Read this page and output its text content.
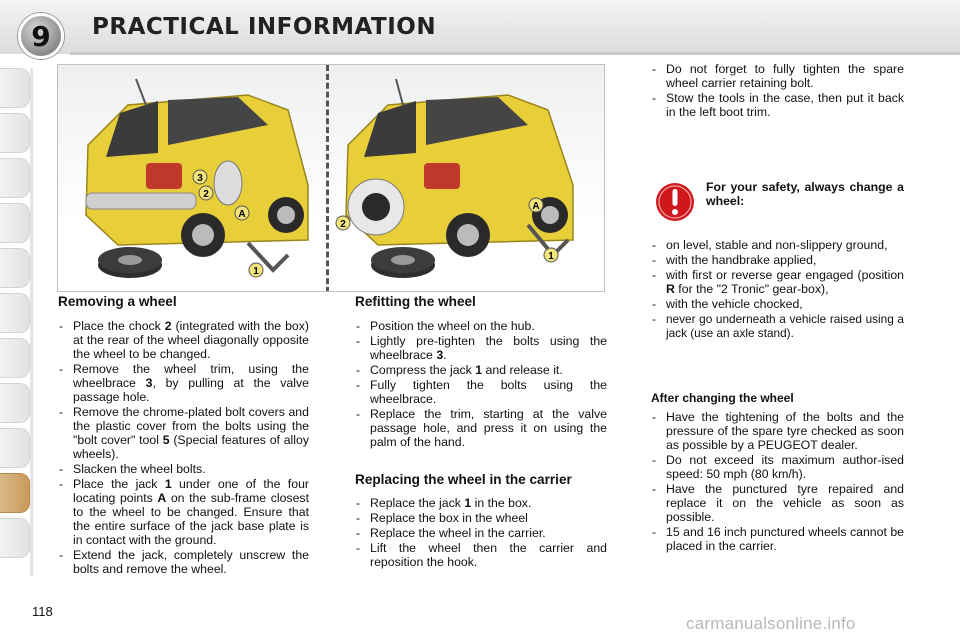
9 PRACTICAL INFORMATION
2
3
A
1
2
A
1
Removing a wheel
- Place the chock 2 (integrated with the box) at the rear of the wheel diagonally opposite the wheel to be changed.
- Remove the wheel trim, using the wheelbrace 3, by pulling at the valve passage hole.
- Remove the chrome-plated bolt covers and the plastic cover from the bolts using the "bolt cover" tool 5 (Special features of alloy wheels).
- Slacken the wheel bolts.
- Place the jack 1 under one of the four locating points A on the sub-frame closest to the wheel to be changed. Ensure that the entire surface of the jack base plate is in contact with the ground.
- Extend the jack, completely unscrew the bolts and remove the wheel.
Refitting the wheel
- Position the wheel on the hub.
- Lightly pre-tighten the bolts using the wheelbrace 3.
- Compress the jack 1 and release it.
- Fully tighten the bolts using the wheelbrace.
- Replace the trim, starting at the valve passage hole, and press it on using the palm of the hand.
Replacing the wheel in the carrier
- Replace the jack 1 in the box.
- Replace the box in the wheel
- Replace the wheel in the carrier.
- Lift the wheel then the carrier and reposition the hook.
- Do not forget to fully tighten the spare wheel carrier retaining bolt.
- Stow the tools in the case, then put it back in the left boot trim.
For your safety, always change a wheel:
- on level, stable and non-slippery ground,
- with the handbrake applied,
- with first or reverse gear engaged (position R for the "2 Tronic" gear-box),
- with the vehicle chocked,
- never go underneath a vehicle raised using a jack (use an axle stand).
After changing the wheel
- Have the tightening of the bolts and the pressure of the spare tyre checked as soon as possible by a PEUGEOT dealer.
- Do not exceed its maximum author-ised speed: 50 mph (80 km/h).
- Have the punctured tyre repaired and replace it on the vehicle as soon as possible.
- 15 and 16 inch punctured wheels cannot be placed in the carrier.
118
carmanualsonline.info
